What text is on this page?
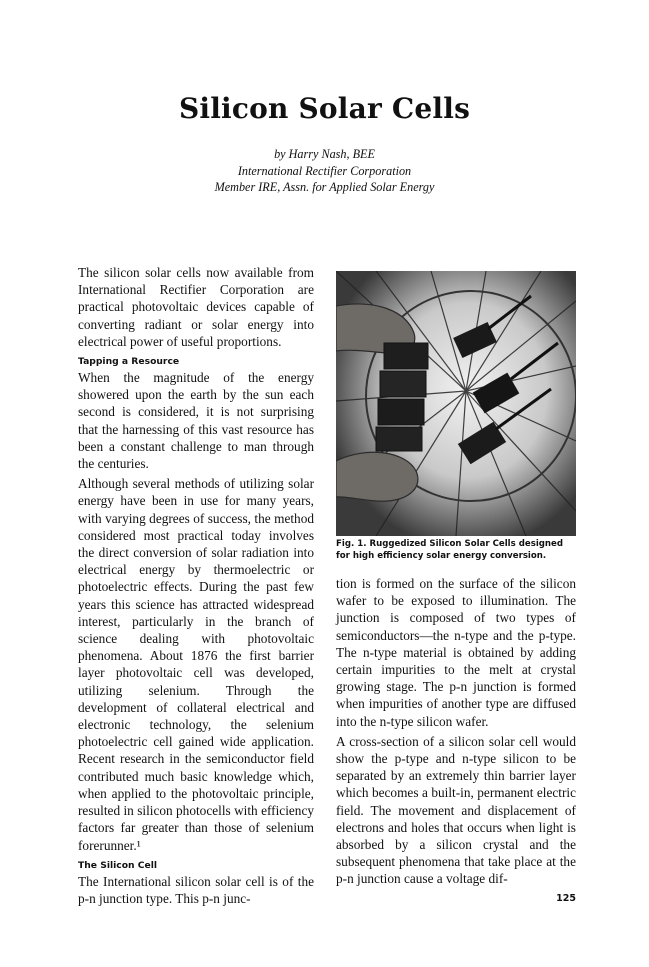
Silicon Solar Cells
by Harry Nash, BEE
International Rectifier Corporation
Member IRE, Assn. for Applied Solar Energy

The silicon solar cells now available from International Rectifier Corporation are practical photovoltaic devices capable of converting radiant or solar energy into electrical power of useful proportions.

Tapping a Resource

When the magnitude of the energy showered upon the earth by the sun each second is considered, it is not surprising that the harnessing of this vast resource has been a constant challenge to man through the centuries.

Although several methods of utilizing solar energy have been in use for many years, with varying degrees of success, the method considered most practical today involves the direct conversion of solar radiation into electrical energy by thermoelectric or photoelectric effects. During the past few years this science has attracted widespread interest, particularly in the branch of science dealing with photovoltaic phenomena. About 1876 the first barrier layer photovoltaic cell was developed, utilizing selenium. Through the development of collateral electrical and electronic technology, the selenium photoelectric cell gained wide application. Recent research in the semiconductor field contributed much basic knowledge which, when applied to the photovoltaic principle, resulted in silicon photocells with efficiency factors far greater than those of selenium forerunner.¹

The Silicon Cell

The International silicon solar cell is of the p-n junction type. This p-n junc-

Fig. 1. Ruggedized Silicon Solar Cells designed for high efficiency solar energy conversion.

tion is formed on the surface of the silicon wafer to be exposed to illumination. The junction is composed of two types of semiconductors—the n-type and the p-type. The n-type material is obtained by adding certain impurities to the melt at crystal growing stage. The p-n junction is formed when impurities of another type are diffused into the n-type silicon wafer.

A cross-section of a silicon solar cell would show the p-type and n-type silicon to be separated by an extremely thin barrier layer which becomes a built-in, permanent electric field. The movement and displacement of electrons and holes that occurs when light is absorbed by a silicon crystal and the subsequent phenomena that take place at the p-n junction cause a voltage dif-

125
